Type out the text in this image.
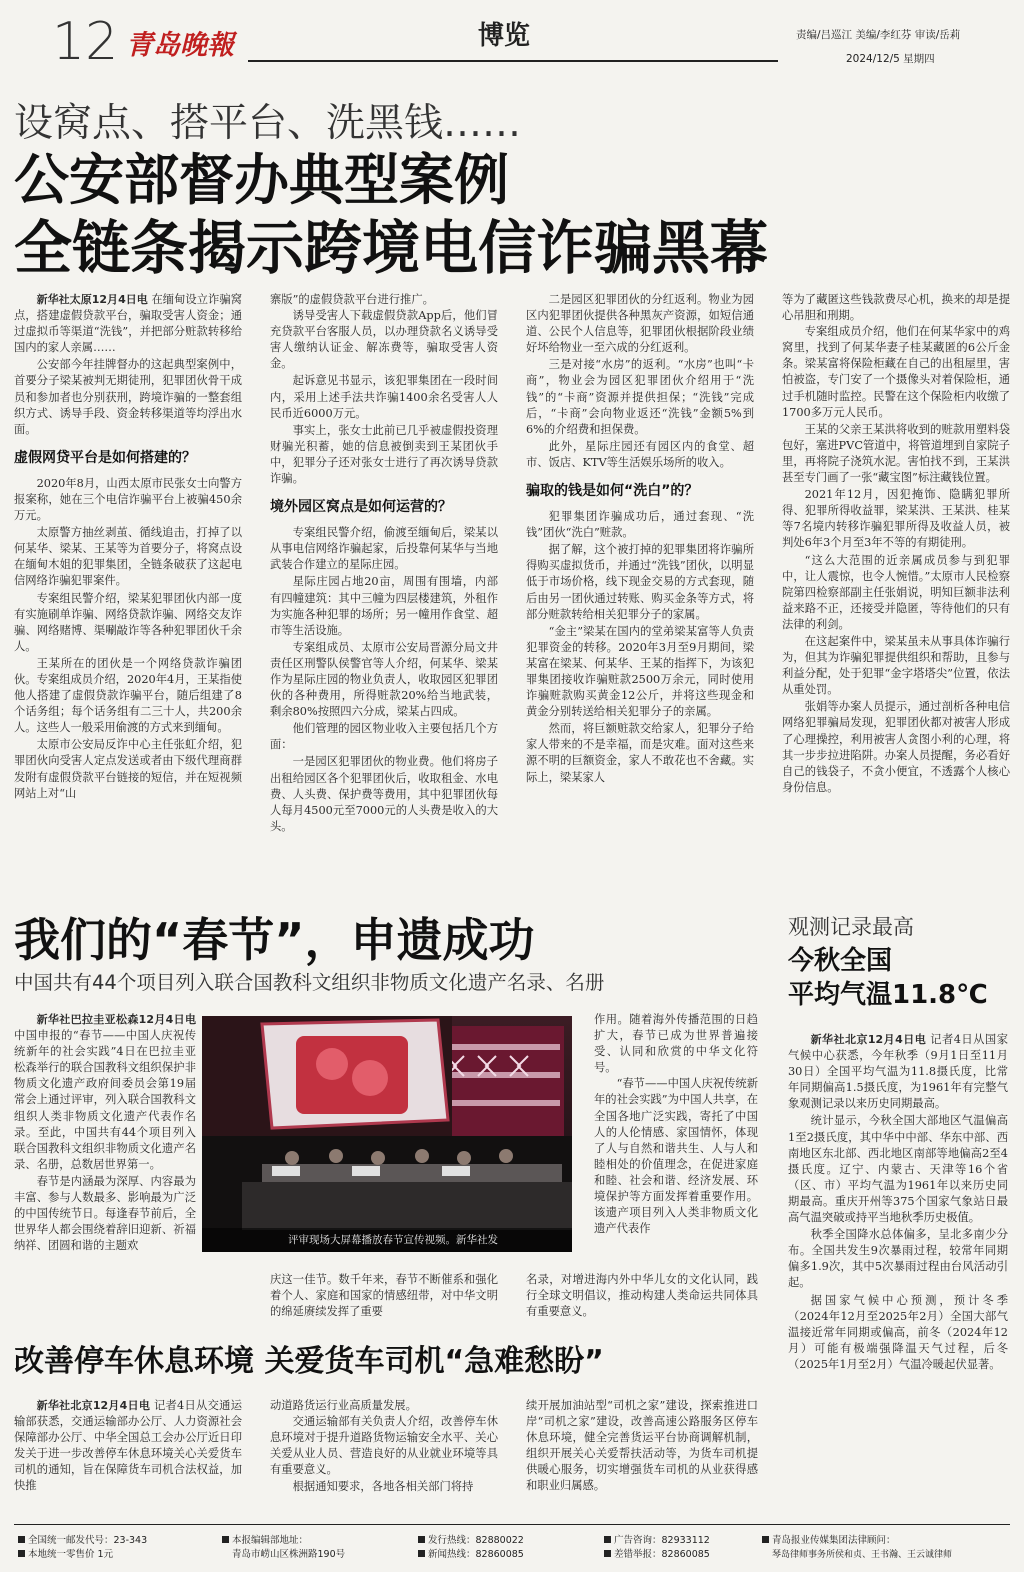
12 青岛晚報	博览	责编/吕巡江 美编/李红芬 审读/岳莉
2024/12/5 星期四
设窝点、搭平台、洗黑钱……
公安部督办典型案例
全链条揭示跨境电信诈骗黑幕

新华社太原12月4日电 在缅甸设立诈骗窝点，搭建虚假贷款平台，骗取受害人资金；通过虚拟币等渠道“洗钱”，并把部分赃款转移给国内的家人亲属……

公安部今年挂牌督办的这起典型案例中，首要分子梁某被判无期徒刑，犯罪团伙骨干成员和参加者也分别获刑，跨境诈骗的一整套组织方式、诱导手段、资金转移渠道等均浮出水面。

虚假网贷平台是如何搭建的？

2020年8月，山西太原市民张女士向警方报案称，她在三个电信诈骗平台上被骗450余万元。

太原警方抽丝剥茧、循线追击，打掉了以何某华、梁某、王某等为首要分子，将窝点设在缅甸木姐的犯罪集团，全链条破获了这起电信网络诈骗犯罪案件。

专案组民警介绍，梁某犯罪团伙内部一度有实施刷单诈骗、网络贷款诈骗、网络交友诈骗、网络赌博、渠唰敲诈等各种犯罪团伙千余人。

王某所在的团伙是一个网络贷款诈骗团伙。专案组成员介绍，2020年4月，王某指使他人搭建了虚假贷款诈骗平台，随后组建了8个话务组；每个话务组有二三十人，共200余人。这些人一般采用偷渡的方式来到缅甸。

太原市公安局反诈中心主任张虹介绍，犯罪团伙向受害人定点发送或者由下级代理商群发附有虚假贷款平台链接的短信，并在短视频网站上对“山

寨版”的虚假贷款平台进行推广。

诱导受害人下载虚假贷款App后，他们冒充贷款平台客服人员，以办理贷款名义诱导受害人缴纳认证金、解冻费等，骗取受害人资金。

起诉意见书显示，该犯罪集团在一段时间内，采用上述手法共诈骗1400余名受害人人民币近6000万元。

事实上，张女士此前已几乎被虚假投资理财骗光积蓄，她的信息被倒卖到王某团伙手中，犯罪分子还对张女士进行了再次诱导贷款诈骗。

境外园区窝点是如何运营的？

专案组民警介绍，偷渡至缅甸后，梁某以从事电信网络诈骗起家，后投靠何某华与当地武装合作建立的星际庄园。

星际庄园占地20亩，周围有围墙，内部有四幢建筑：其中三幢为四层楼建筑，外租作为实施各种犯罪的场所；另一幢用作食堂、超市等生活设施。

专案组成员、太原市公安局晋源分局文井责任区刑警队侯警官等人介绍，何某华、梁某作为星际庄园的物业负责人，收取园区犯罪团伙的各种费用，所得赃款20%给当地武装，剩余80%按照四六分成，梁某占四成。

他们管理的园区物业收入主要包括几个方面：

一是园区犯罪团伙的物业费。他们将房子出租给园区各个犯罪团伙后，收取租金、水电费、人头费、保护费等费用，其中犯罪团伙每人每月4500元至7000元的人头费是收入的大头。

二是园区犯罪团伙的分红返利。物业为园区内犯罪团伙提供各种黑灰产资源，如短信通道、公民个人信息等，犯罪团伙根据阶段业绩好坏给物业一至六成的分红返利。

三是对接“水房”的返利。“水房”也叫“卡商”，物业会为园区犯罪团伙介绍用于“洗钱”的“卡商”资源并提供担保；“洗钱”完成后，“卡商”会向物业返还“洗钱”金额5%到6%的介绍费和担保费。

此外，星际庄园还有园区内的食堂、超市、饭店、KTV等生活娱乐场所的收入。

骗取的钱是如何“洗白”的？

犯罪集团诈骗成功后，通过套现、“洗钱”团伙“洗白”赃款。

据了解，这个被打掉的犯罪集团将诈骗所得购买虚拟货币，并通过“洗钱”团伙，以明显低于市场价格，线下现金交易的方式套现，随后由另一团伙通过转账、购买金条等方式，将部分赃款转给相关犯罪分子的家属。

“金主”梁某在国内的堂弟梁某富等人负责犯罪资金的转移。2020年3月至9月期间，梁某富在梁某、何某华、王某的指挥下，为该犯罪集团接收诈骗赃款2500万余元，同时使用诈骗赃款购买黄金12公斤，并将这些现金和黄金分别转送给相关犯罪分子的亲属。

然而，将巨额赃款交给家人，犯罪分子给家人带来的不是幸福，而是灾难。面对这些来源不明的巨额资金，家人不敢花也不舍藏。实际上，梁某家人

等为了藏匿这些钱款费尽心机，换来的却是提心吊胆和刑期。

专案组成员介绍，他们在何某华家中的鸡窝里，找到了何某华妻子桂某藏匿的6公斤金条。梁某富将保险柜藏在自己的出租屋里，害怕被盗，专门安了一个摄像头对着保险柜，通过手机随时监控。民警在这个保险柜内收缴了1700多万元人民币。

王某的父亲王某洪将收到的赃款用塑料袋包好，塞进PVC管道中，将管道埋到自家院子里，再将院子浇筑水泥。害怕找不到，王某洪甚至专门画了一张“藏宝图”标注藏钱位置。

2021年12月，因犯掩饰、隐瞒犯罪所得、犯罪所得收益罪，梁某洪、王某洪、桂某等7名境内转移诈骗犯罪所得及收益人员，被判处6年3个月至3年不等的有期徒刑。

“这么大范围的近亲属成员参与到犯罪中，让人震惊，也令人惋惜。”太原市人民检察院第四检察部副主任张娟说，明知巨额非法利益来路不正，还接受并隐匿，等待他们的只有法律的利剑。

在这起案件中，梁某虽未从事具体诈骗行为，但其为诈骗犯罪提供组织和帮助，且参与利益分配，处于犯罪“金字塔塔尖”位置，依法从重处罚。

张娟等办案人员提示，通过剖析各种电信网络犯罪骗局发现，犯罪团伙都对被害人形成了心理操控，利用被害人贪图小利的心理，将其一步步拉进陷阱。办案人员提醒，务必看好自己的钱袋子，不贪小便宜，不透露个人核心身份信息。

我们的“春节”，申遗成功
中国共有44个项目列入联合国教科文组织非物质文化遗产名录、名册

新华社巴拉圭亚松森12月4日电 中国申报的“春节——中国人庆祝传统新年的社会实践”4日在巴拉圭亚松森举行的联合国教科文组织保护非物质文化遗产政府间委员会第19届常会上通过评审，列入联合国教科文组织人类非物质文化遗产代表作名录。至此，中国共有44个项目列入联合国教科文组织非物质文化遗产名录、名册，总数居世界第一。

春节是内涵最为深厚、内容最为丰富、参与人数最多、影响最为广泛的中国传统节日。每逢春节前后，全世界华人都会围绕着辞旧迎新、祈福纳祥、团圆和谐的主题欢	评审现场大屏幕播放春节宣传视频。新华社发
庆这一佳节。数千年来，春节不断催系和强化着个人、家庭和国家的情感纽带，对中华文明的绵延赓续发挥了重要
作用。随着海外传播范围的日趋扩大，春节已成为世界普遍接受、认同和欣赏的中华文化符号。

“春节——中国人庆祝传统新年的社会实践”为中国人共享，在全国各地广泛实践，寄托了中国人的人伦情感、家国情怀，体现了人与自然和谐共生、人与人和睦相处的价值理念，在促进家庭和睦、社会和谐、经济发展、环境保护等方面发挥着重要作用。该遗产项目列入人类非物质文化遗产代表作

名录，对增进海内外中华儿女的文化认同，践行全球文明倡议，推动构建人类命运共同体具有重要意义。
观测记录最高
今秋全国
平均气温11.8℃

新华社北京12月4日电 记者4日从国家气候中心获悉，今年秋季（9月1日至11月30日）全国平均气温为11.8摄氏度，比常年同期偏高1.5摄氏度，为1961年有完整气象观测记录以来历史同期最高。

统计显示，今秋全国大部地区气温偏高1至2摄氏度，其中华中中部、华东中部、西南地区东北部、西北地区南部等地偏高2至4摄氏度。辽宁、内蒙古、天津等16个省（区、市）平均气温为1961年以来历史同期最高。重庆开州等375个国家气象站日最高气温突破或持平当地秋季历史极值。

秋季全国降水总体偏多，呈北多南少分布。全国共发生9次暴雨过程，较常年同期偏多1.9次，其中5次暴雨过程由台风活动引起。

据国家气候中心预测，预计冬季（2024年12月至2025年2月）全国大部气温接近常年同期或偏高，前冬（2024年12月）可能有极端强降温天气过程，后冬（2025年1月至2月）气温冷暖起伏显著。

改善停车休息环境 关爱货车司机“急难愁盼”

新华社北京12月4日电 记者4日从交通运输部获悉，交通运输部办公厅、人力资源社会保障部办公厅、中华全国总工会办公厅近日印发关于进一步改善停车休息环境关心关爱货车司机的通知，旨在保障货车司机合法权益，加快推

动道路货运行业高质量发展。

交通运输部有关负责人介绍，改善停车休息环境对于提升道路货物运输安全水平、关心关爱从业人员、营造良好的从业就业环境等具有重要意义。

根据通知要求，各地各相关部门将持

续开展加油站型“司机之家”建设，探索推进口岸“司机之家”建设，改善高速公路服务区停车休息环境，健全完善货运平台协商调解机制，组织开展关心关爱帮扶活动等，为货车司机提供暖心服务，切实增强货车司机的从业获得感和职业归属感。
全国统一邮发代号：23-343
本地统一零售价 1元
本报编辑部地址：
青岛市崂山区株洲路190号
发行热线：82880022
新闻热线：82860085
广告咨询：82933112
差错举报：82860085
青岛报业传媒集团法律顾问：
琴岛律师事务所侯和贞、王书瀚、王云诚律师
